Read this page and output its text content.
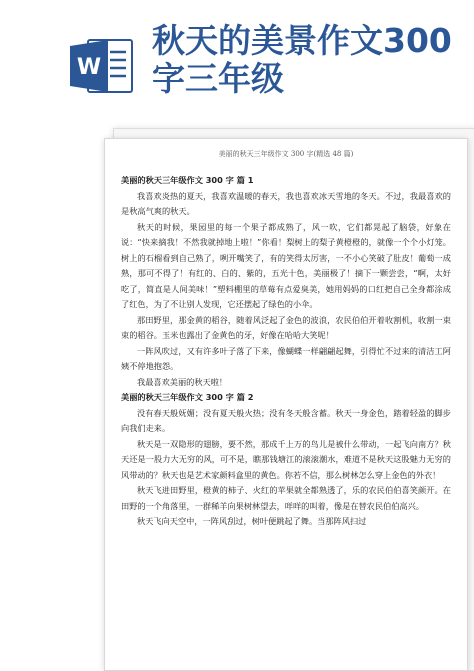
W
秋天的美景作文300字三年级
美丽的秋天三年级作文 300 字(精选 48 篇)
美丽的秋天三年级作文 300 字 篇 1

我喜欢炎热的夏天，我喜欢温暖的春天，我也喜欢冰天雪地的冬天。不过，我最喜欢的是秋高气爽的秋天。

秋天的时候，果园里的每一个果子都成熟了，风一吹，它们都晃起了脑袋，好象在说：“快来摘我！不然我就掉地上啦！”你看！梨树上的梨子黄橙橙的，就像一个个小灯笼。树上的石榴看到自己熟了，咧开嘴笑了，有的笑得太厉害，一不小心笑破了肚皮！葡萄一成熟，那可不得了！有红的、白的、紫的，五光十色，美丽极了！摘下一颗尝尝，“啊，太好吃了，简直是人间美味！”塑料棚里的草莓有点爱臭美，她用妈妈的口红把自己全身都涂成了红色，为了不让别人发现，它还摆起了绿色的小伞。

那田野里，那金黄的稻谷，随着风泛起了金色的波浪，农民伯伯开着收割机，收割一束束的稻谷。玉米也露出了金黄色的牙，好像在哈哈大笑呢！

一阵风吹过，又有许多叶子落了下来，像蝴蝶一样翩翩起舞，引得忙不过来的清洁工阿姨不停地抱怨。

我最喜欢美丽的秋天啦！

美丽的秋天三年级作文 300 字 篇 2

没有春天般妩媚；没有夏天般火热；没有冬天般含蓄。秋天一身金色，踏着轻盈的脚步向我们走来。

秋天是一双隐形的翅膀，要不然，那成千上万的鸟儿是被什么带动，一起飞向南方？秋天还是一股力大无穷的风，可不是，瞧那钱塘江的滚滚潮水，难道不是秋天这股魅力无穷的风带动的？秋天也是艺术家颜料盒里的黄色。你若不信，那么树林怎么穿上金色的外衣！

秋天飞进田野里，橙黄的柿子、火红的苹果就全都熟透了，乐的农民伯伯喜笑颜开。在田野的一个角落里，一群稀羊向果树林望去，咩咩的叫着，像是在替农民伯伯高兴。

秋天飞向天空中，一阵风刮过，树叶便跳起了舞。当那阵风扫过
